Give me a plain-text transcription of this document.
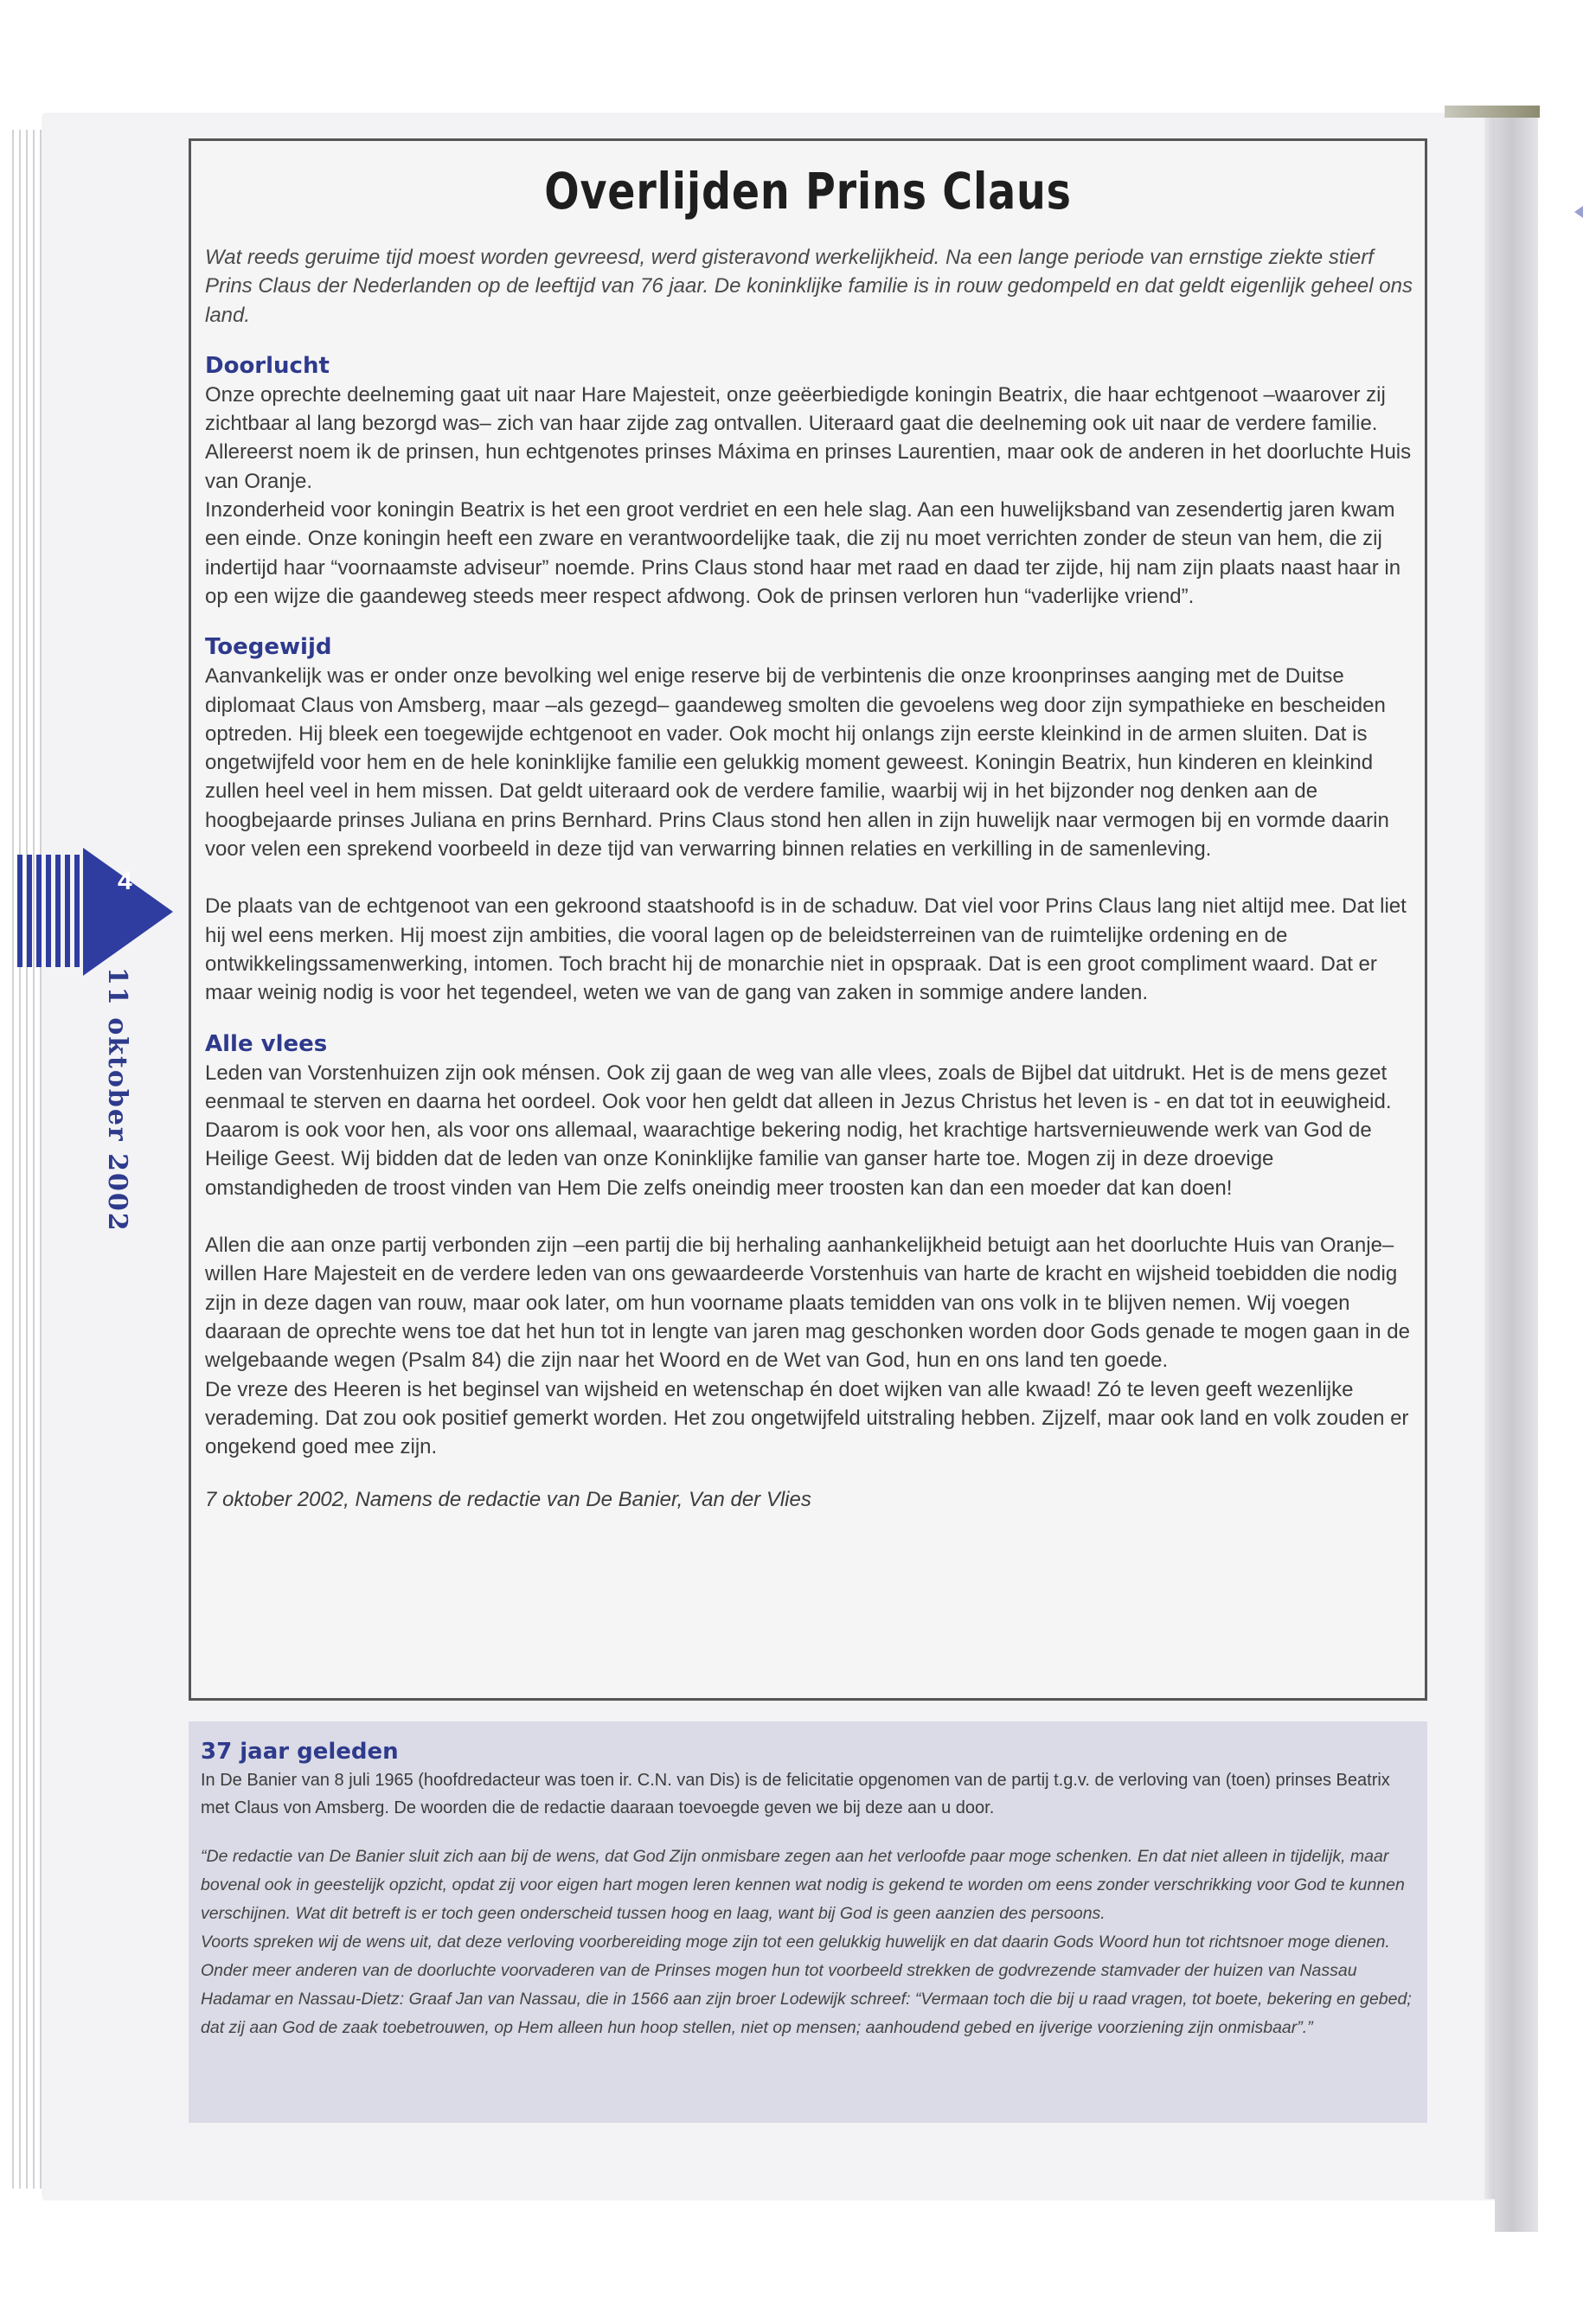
4
11 oktober 2002
Overlijden Prins Claus

Wat reeds geruime tijd moest worden gevreesd, werd gisteravond werkelijkheid. Na een lange periode van ernstige ziekte stierf Prins Claus der Nederlanden op de leeftijd van 76 jaar. De koninklijke familie is in rouw gedompeld en dat geldt eigenlijk geheel ons land.

Doorlucht

Onze oprechte deelneming gaat uit naar Hare Majesteit, onze geëerbiedigde koningin Beatrix, die haar echtgenoot –waarover zij zichtbaar al lang bezorgd was– zich van haar zijde zag ontvallen. Uiteraard gaat die deelneming ook uit naar de verdere familie. Allereerst noem ik de prinsen, hun echtgenotes prinses Máxima en prinses Laurentien, maar ook de anderen in het doorluchte Huis van Oranje.

Inzonderheid voor koningin Beatrix is het een groot verdriet en een hele slag. Aan een huwelijksband van zesendertig jaren kwam een einde. Onze koningin heeft een zware en verantwoordelijke taak, die zij nu moet verrichten zonder de steun van hem, die zij indertijd haar “voornaamste adviseur” noemde. Prins Claus stond haar met raad en daad ter zijde, hij nam zijn plaats naast haar in op een wijze die gaandeweg steeds meer respect afdwong. Ook de prinsen verloren hun “vaderlijke vriend”.

Toegewijd

Aanvankelijk was er onder onze bevolking wel enige reserve bij de verbintenis die onze kroonprinses aanging met de Duitse diplomaat Claus von Amsberg, maar –als gezegd– gaandeweg smolten die gevoelens weg door zijn sympathieke en bescheiden optreden. Hij bleek een toegewijde echtgenoot en vader. Ook mocht hij onlangs zijn eerste kleinkind in de armen sluiten. Dat is ongetwijfeld voor hem en de hele koninklijke familie een gelukkig moment geweest. Koningin Beatrix, hun kinderen en kleinkind zullen heel veel in hem missen. Dat geldt uiteraard ook de verdere familie, waarbij wij in het bijzonder nog denken aan de hoogbejaarde prinses Juliana en prins Bernhard. Prins Claus stond hen allen in zijn huwelijk naar vermogen bij en vormde daarin voor velen een sprekend voorbeeld in deze tijd van verwarring binnen relaties en verkilling in de samenleving.

De plaats van de echtgenoot van een gekroond staatshoofd is in de schaduw. Dat viel voor Prins Claus lang niet altijd mee. Dat liet hij wel eens merken. Hij moest zijn ambities, die vooral lagen op de beleidsterreinen van de ruimtelijke ordening en de ontwikkelingssamenwerking, intomen. Toch bracht hij de monarchie niet in opspraak. Dat is een groot compliment waard. Dat er maar weinig nodig is voor het tegendeel, weten we van de gang van zaken in sommige andere landen.

Alle vlees

Leden van Vorstenhuizen zijn ook ménsen. Ook zij gaan de weg van alle vlees, zoals de Bijbel dat uitdrukt. Het is de mens gezet eenmaal te sterven en daarna het oordeel. Ook voor hen geldt dat alleen in Jezus Christus het leven is - en dat tot in eeuwigheid. Daarom is ook voor hen, als voor ons allemaal, waarachtige bekering nodig, het krachtige hartsvernieuwende werk van God de Heilige Geest. Wij bidden dat de leden van onze Koninklijke familie van ganser harte toe. Mogen zij in deze droevige omstandigheden de troost vinden van Hem Die zelfs oneindig meer troosten kan dan een moeder dat kan doen!

Allen die aan onze partij verbonden zijn –een partij die bij herhaling aanhankelijkheid betuigt aan het doorluchte Huis van Oranje– willen Hare Majesteit en de verdere leden van ons gewaardeerde Vorstenhuis van harte de kracht en wijsheid toebidden die nodig zijn in deze dagen van rouw, maar ook later, om hun voorname plaats temidden van ons volk in te blijven nemen. Wij voegen daaraan de oprechte wens toe dat het hun tot in lengte van jaren mag geschonken worden door Gods genade te mogen gaan in de welgebaande wegen (Psalm 84) die zijn naar het Woord en de Wet van God, hun en ons land ten goede.

De vreze des Heeren is het beginsel van wijsheid en wetenschap én doet wijken van alle kwaad! Zó te leven geeft wezenlijke verademing. Dat zou ook positief gemerkt worden. Het zou ongetwijfeld uitstraling hebben. Zijzelf, maar ook land en volk zouden er ongekend goed mee zijn.

7 oktober 2002, Namens de redactie van De Banier, Van der Vlies

37 jaar geleden

In De Banier van 8 juli 1965 (hoofdredacteur was toen ir. C.N. van Dis) is de felicitatie opgenomen van de partij t.g.v. de verloving van (toen) prinses Beatrix met Claus von Amsberg. De woorden die de redactie daaraan toevoegde geven we bij deze aan u door.

“De redactie van De Banier sluit zich aan bij de wens, dat God Zijn onmisbare zegen aan het verloofde paar moge schenken. En dat niet alleen in tijdelijk, maar bovenal ook in geestelijk opzicht, opdat zij voor eigen hart mogen leren kennen wat nodig is gekend te worden om eens zonder verschrikking voor God te kunnen verschijnen. Wat dit betreft is er toch geen onderscheid tussen hoog en laag, want bij God is geen aanzien des persoons.

Voorts spreken wij de wens uit, dat deze verloving voorbereiding moge zijn tot een gelukkig huwelijk en dat daarin Gods Woord hun tot richtsnoer moge dienen. Onder meer anderen van de doorluchte voorvaderen van de Prinses mogen hun tot voorbeeld strekken de godvrezende stamvader der huizen van Nassau Hadamar en Nassau-Dietz: Graaf Jan van Nassau, die in 1566 aan zijn broer Lodewijk schreef: “Vermaan toch die bij u raad vragen, tot boete, bekering en gebed; dat zij aan God de zaak toebetrouwen, op Hem alleen hun hoop stellen, niet op mensen; aanhoudend gebed en ijverige voorziening zijn onmisbaar”.”
